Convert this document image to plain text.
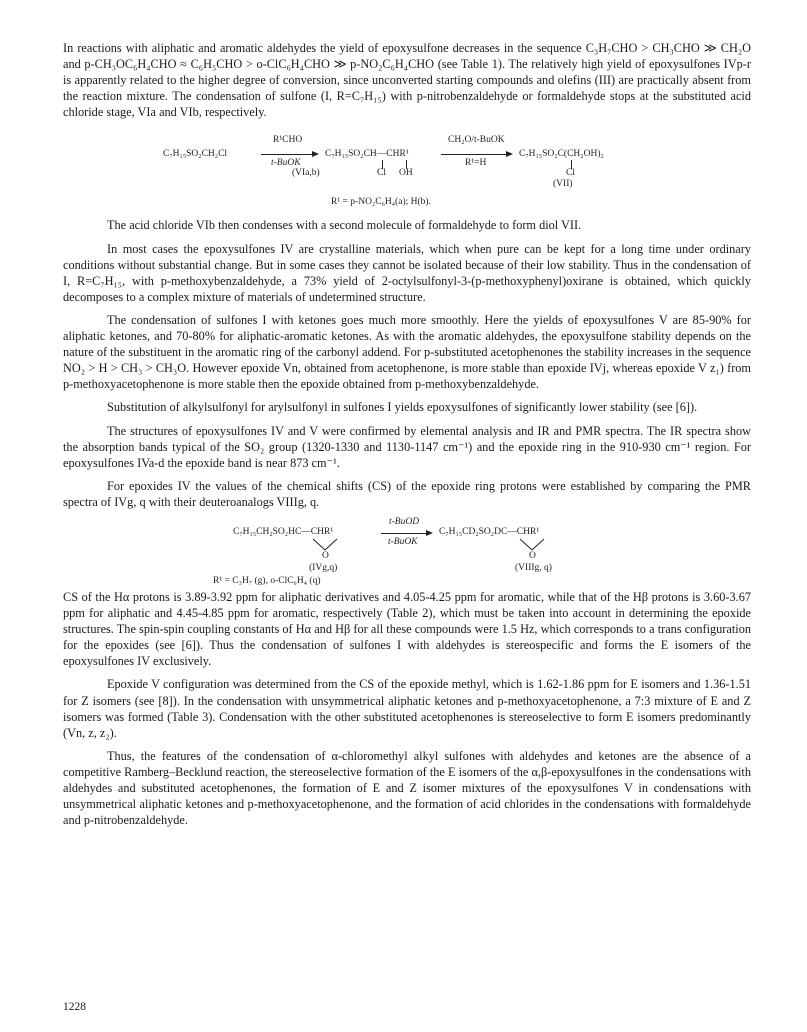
In reactions with aliphatic and aromatic aldehydes the yield of epoxysulfone decreases in the sequence C₃H₇CHO > CH₃CHO ≫ CH₂O and p-CH₃OC₆H₄CHO ≈ C₆H₅CHO > o-ClC₆H₄CHO ≫ p-NO₂C₆H₄CHO (see Table 1). The relatively high yield of epoxysulfones IVp-r is apparently related to the higher degree of conversion, since unconverted starting compounds and olefins (III) are practically absent from the reaction mixture. The condensation of sulfone (I, R=C₇H₁₅) with p-nitrobenzaldehyde or formaldehyde stops at the substituted acid chloride stage, VIa and VIb, respectively.

C₇H₁₅SO₂CH₂Cl
R¹CHO
t-BuOK
C₇H₁₅SO₂CH—CHR¹
(VIa,b)	Cl OH
CH₂O/t-BuOK
R¹=H
C₇H₁₅SO₂C(CH₂OH)₂
Cl
(VII)
R¹ = p-NO₂C₆H₄(a); H(b).

The acid chloride VIb then condenses with a second molecule of formaldehyde to form diol VII.

In most cases the epoxysulfones IV are crystalline materials, which when pure can be kept for a long time under ordinary conditions without substantial change. But in some cases they cannot be isolated because of their low stability. Thus in the condensation of I, R=C₇H₁₅, with p-methoxybenzaldehyde, a 73% yield of 2-octylsulfonyl-3-(p-methoxyphenyl)oxirane is obtained, which quickly decomposes to a complex mixture of materials of undetermined structure.

The condensation of sulfones I with ketones goes much more smoothly. Here the yields of epoxysulfones V are 85-90% for aliphatic ketones, and 70-80% for aliphatic-aromatic ketones. As with the aromatic aldehydes, the epoxysulfone stability depends on the nature of the substituent in the aromatic ring of the carbonyl addend. For p-substituted acetophenones the stability increases in the sequence NO₂ > H > CH₃ > CH₃O. However epoxide Vn, obtained from acetophenone, is more stable than epoxide IVj, whereas epoxide V z₁) from p-methoxyacetophenone is more stable then the epoxide obtained from p-methoxybenzaldehyde.

Substitution of alkylsulfonyl for arylsulfonyl in sulfones I yields epoxysulfones of significantly lower stability (see [6]).

The structures of epoxysulfones IV and V were confirmed by elemental analysis and IR and PMR spectra. The IR spectra show the absorption bands typical of the SO₂ group (1320-1330 and 1130-1147 cm⁻¹) and the epoxide ring in the 910-930 cm⁻¹ region. For epoxysulfones IVa-d the epoxide band is near 873 cm⁻¹.

For epoxides IV the values of the chemical shifts (CS) of the epoxide ring protons were established by comparing the PMR spectra of IVg, q with their deuteroanalogs VIIIg, q.

C₇H₁₅CH₂SO₂HC—CHR¹
O
(IVg,q)
t-BuOD
t-BuOK
C₇H₁₅CD₂SO₂DC—CHR¹
O
(VIIIg, q)
R¹ = C₃H₇ (g), o-ClC₆H₄ (q)

CS of the Hα protons is 3.89-3.92 ppm for aliphatic derivatives and 4.05-4.25 ppm for aromatic, while that of the Hβ protons is 3.60-3.67 ppm for aliphatic and 4.45-4.85 ppm for aromatic, respectively (Table 2), which must be taken into account in determining the epoxide structures. The spin-spin coupling constants of Hα and Hβ for all these compounds were 1.5 Hz, which corresponds to a trans configuration for the epoxides (see [6]). Thus the condensation of sulfones I with aldehydes is stereospecific and forms the E isomers of the epoxysulfones IV exclusively.

Epoxide V configuration was determined from the CS of the epoxide methyl, which is 1.62-1.86 ppm for E isomers and 1.36-1.51 for Z isomers (see [8]). In the condensation with unsymmetrical aliphatic ketones and p-methoxyacetophenone, a 7:3 mixture of E and Z isomers was formed (Table 3). Condensation with the other substituted acetophenones is stereoselective to form E isomers predominantly (Vn, z, z₂).

Thus, the features of the condensation of α-chloromethyl alkyl sulfones with aldehydes and ketones are the absence of a competitive Ramberg–Becklund reaction, the stereoselective formation of the E isomers of the α,β-epoxysulfones in the condensations with aldehydes and substituted acetophenones, the formation of E and Z isomer mixtures of the epoxysulfones V in condensations with unsymmetrical aliphatic ketones and p-methoxyacetophenone, and the formation of acid chlorides in the condensations with formaldehyde and p-nitrobenzaldehyde.

1228
